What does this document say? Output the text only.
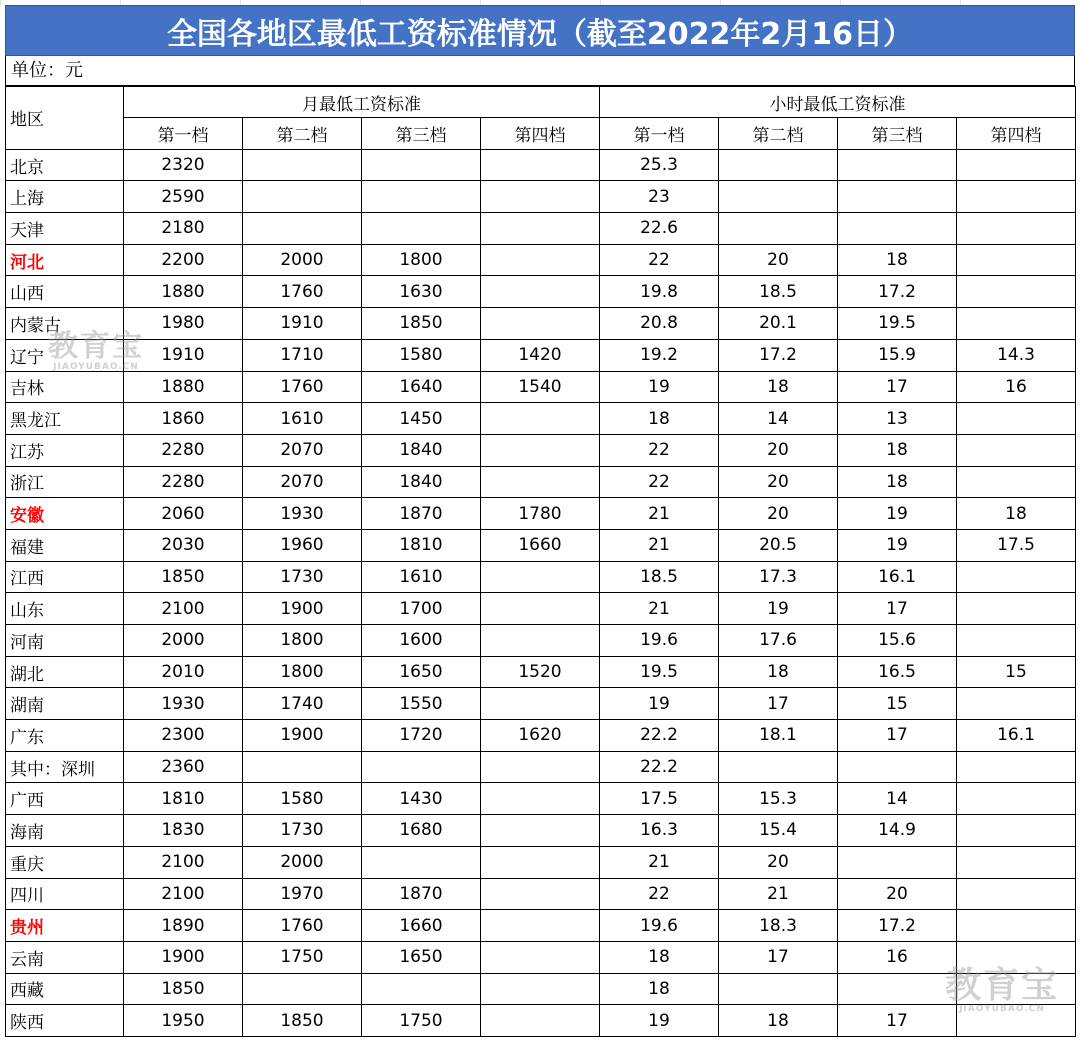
全国各地区最低工资标准情况（截至2022年2月16日）
单位：元
地区	月最低工资标准				小时最低工资标准			
	第一档	第二档	第三档	第四档	第一档	第二档	第三档	第四档
北京	2320				25.3			
上海	2590				23			
天津	2180				22.6			
河北	2200	2000	1800		22	20	18	
山西	1880	1760	1630		19.8	18.5	17.2	
内蒙古	1980	1910	1850		20.8	20.1	19.5	
辽宁	1910	1710	1580	1420	19.2	17.2	15.9	14.3
吉林	1880	1760	1640	1540	19	18	17	16
黑龙江	1860	1610	1450		18	14	13	
江苏	2280	2070	1840		22	20	18	
浙江	2280	2070	1840		22	20	18	
安徽	2060	1930	1870	1780	21	20	19	18
福建	2030	1960	1810	1660	21	20.5	19	17.5
江西	1850	1730	1610		18.5	17.3	16.1	
山东	2100	1900	1700		21	19	17	
河南	2000	1800	1600		19.6	17.6	15.6	
湖北	2010	1800	1650	1520	19.5	18	16.5	15
湖南	1930	1740	1550		19	17	15	
广东	2300	1900	1720	1620	22.2	18.1	17	16.1
其中：深圳	2360				22.2			
广西	1810	1580	1430		17.5	15.3	14	
海南	1830	1730	1680		16.3	15.4	14.9	
重庆	2100	2000			21	20		
四川	2100	1970	1870		22	21	20	
贵州	1890	1760	1660		19.6	18.3	17.2	
云南	1900	1750	1650		18	17	16	
西藏	1850				18			
陕西	1950	1850	1750		19	18	17	
教育宝
JIAOYUBAO.CN
教育宝
JIAOYUBAO.CN
